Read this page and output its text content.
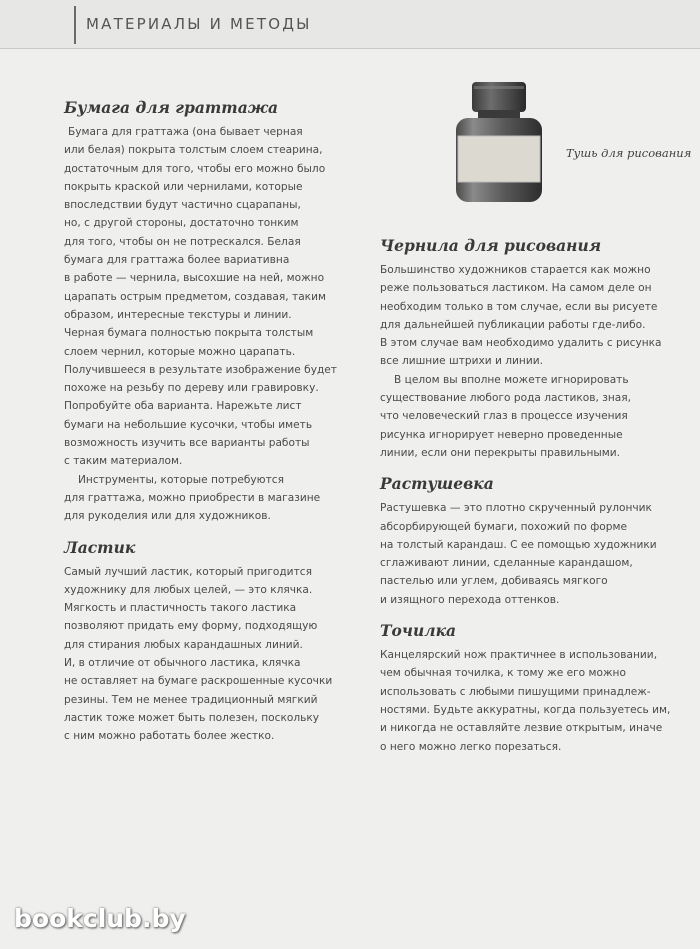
МАТЕРИАЛЫ И МЕТОДЫ
Тушь для рисования
Бумага для граттажа
Бумага для граттажа (она бывает черная
или белая) покрыта толстым слоем стеарина,
достаточным для того, чтобы его можно было
покрыть краской или чернилами, которые
впоследствии будут частично сцарапаны,
но, с другой стороны, достаточно тонким
для того, чтобы он не потрескался. Белая
бумага для граттажа более вариативна
в работе — чернила, высохшие на ней, можно
царапать острым предметом, создавая, таким
образом, интересные текстуры и линии.
Черная бумага полностью покрыта толстым
слоем чернил, которые можно царапать.
Получившееся в результате изображение будет
похоже на резьбу по дереву или гравировку.
Попробуйте оба варианта. Нарежьте лист
бумаги на небольшие кусочки, чтобы иметь
возможность изучить все варианты работы
с таким материалом.
Инструменты, которые потребуются
для граттажа, можно приобрести в магазине
для рукоделия или для художников.
Ластик
Самый лучший ластик, который пригодится
художнику для любых целей, — это клячка.
Мягкость и пластичность такого ластика
позволяют придать ему форму, подходящую
для стирания любых карандашных линий.
И, в отличие от обычного ластика, клячка
не оставляет на бумаге раскрошенные кусочки
резины. Тем не менее традиционный мягкий
ластик тоже может быть полезен, поскольку
с ним можно работать более жестко.
Чернила для рисования
Большинство художников старается как можно
реже пользоваться ластиком. На самом деле он
необходим только в том случае, если вы рисуете
для дальнейшей публикации работы где-либо.
В этом случае вам необходимо удалить с рисунка
все лишние штрихи и линии.
В целом вы вполне можете игнорировать
существование любого рода ластиков, зная,
что человеческий глаз в процессе изучения
рисунка игнорирует неверно проведенные
линии, если они перекрыты правильными.
Растушевка
Растушевка — это плотно скрученный рулончик
абсорбирующей бумаги, похожий по форме
на толстый карандаш. С ее помощью художники
сглаживают линии, сделанные карандашом,
пастелью или углем, добиваясь мягкого
и изящного перехода оттенков.
Точилка
Канцелярский нож практичнее в использовании,
чем обычная точилка, к тому же его можно
использовать с любыми пишущими принадлеж-
ностями. Будьте аккуратны, когда пользуетесь им,
и никогда не оставляйте лезвие открытым, иначе
о него можно легко порезаться.
bookclub.by
